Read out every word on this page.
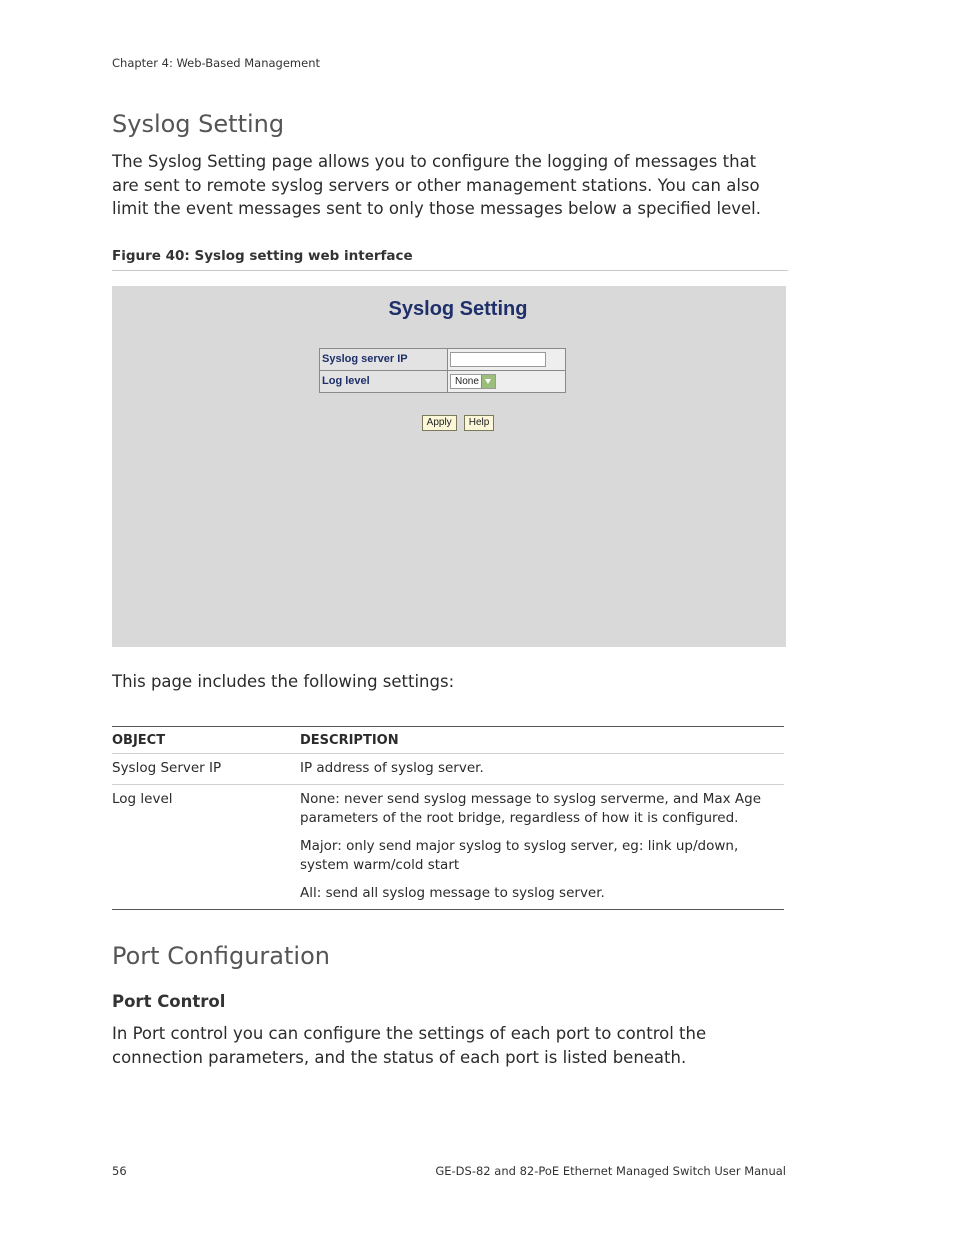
Chapter 4: Web-Based Management
Syslog Setting

The Syslog Setting page allows you to configure the logging of messages that are sent to remote syslog servers or other management stations. You can also limit the event messages sent to only those messages below a specified level.

Figure 40: Syslog setting web interface
Syslog Setting
Syslog server IP
Log level	None
Apply Help

This page includes the following settings:

OBJECT	DESCRIPTION
Syslog Server IP	IP address of syslog server.

Log level	None: never send syslog message to syslog serverme, and Max Age parameters of the root bridge, regardless of how it is configured.

Major: only send major syslog to syslog server, eg: link up/down, system warm/cold start

All: send all syslog message to syslog server.

Port Configuration
Port Control

In Port control you can configure the settings of each port to control the connection parameters, and the status of each port is listed beneath.

56	GE-DS-82 and 82-PoE Ethernet Managed Switch User Manual
